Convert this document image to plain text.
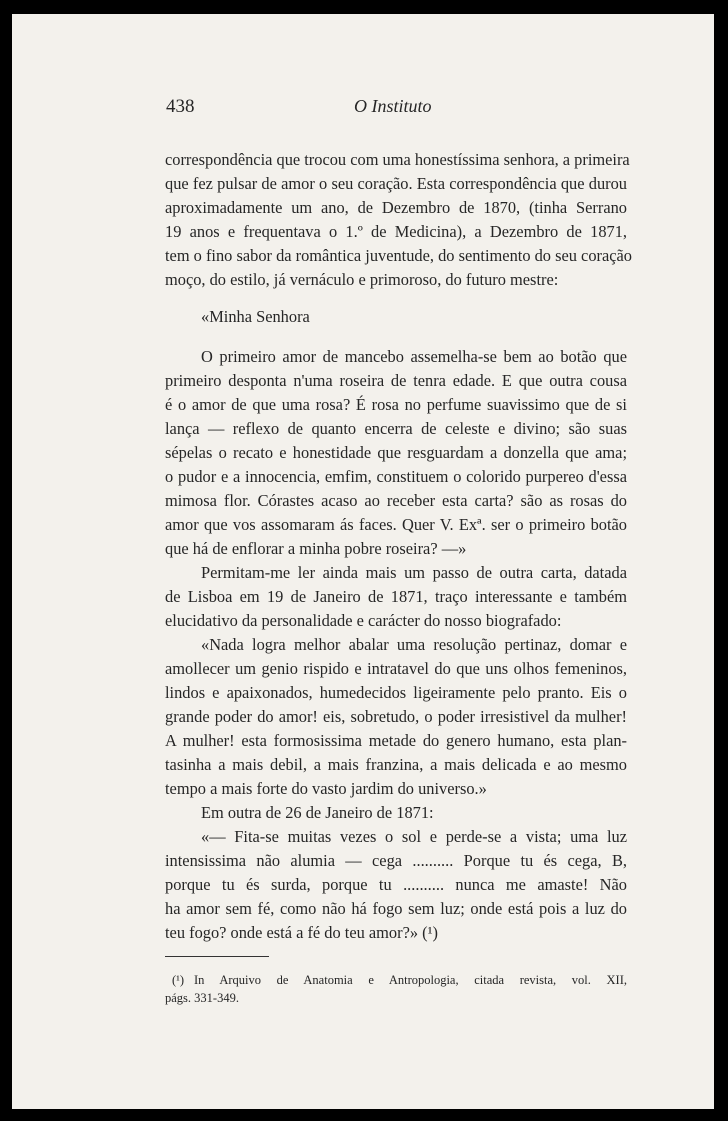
438	O Instituto
correspondência que trocou com uma honestíssima senhora, a primeira
que fez pulsar de amor o seu coração. Esta correspondência que durou
aproximadamente um ano, de Dezembro de 1870, (tinha Serrano
19 anos e frequentava o 1.º de Medicina), a Dezembro de 1871,
tem o fino sabor da romântica juventude, do sentimento do seu coração
moço, do estilo, já vernáculo e primoroso, do futuro mestre:
«Minha Senhora
O primeiro amor de mancebo assemelha-se bem ao botão que
primeiro desponta n'uma roseira de tenra edade. E que outra cousa
é o amor de que uma rosa? É rosa no perfume suavissimo que de si
lança — reflexo de quanto encerra de celeste e divino; são suas
sépelas o recato e honestidade que resguardam a donzella que ama;
o pudor e a innocencia, emfim, constituem o colorido purpereo d'essa
mimosa flor. Córastes acaso ao receber esta carta? são as rosas do
amor que vos assomaram ás faces. Quer V. Exª. ser o primeiro botão
que há de enflorar a minha pobre roseira? —»
Permitam-me ler ainda mais um passo de outra carta, datada
de Lisboa em 19 de Janeiro de 1871, traço interessante e também
elucidativo da personalidade e carácter do nosso biografado:
«Nada logra melhor abalar uma resolução pertinaz, domar e
amollecer um genio rispido e intratavel do que uns olhos femeninos,
lindos e apaixonados, humedecidos ligeiramente pelo pranto. Eis o
grande poder do amor! eis, sobretudo, o poder irresistivel da mulher!
A mulher! esta formosissima metade do genero humano, esta plan-
tasinha a mais debil, a mais franzina, a mais delicada e ao mesmo
tempo a mais forte do vasto jardim do universo.»
Em outra de 26 de Janeiro de 1871:
«— Fita-se muitas vezes o sol e perde-se a vista; uma luz
intensissima não alumia — cega .......... Porque tu és cega, B,
porque tu és surda, porque tu .......... nunca me amaste! Não
ha amor sem fé, como não há fogo sem luz; onde está pois a luz do
teu fogo? onde está a fé do teu amor?» (¹)
(¹) In Arquivo de Anatomia e Antropologia, citada revista, vol. XII,
págs. 331-349.
